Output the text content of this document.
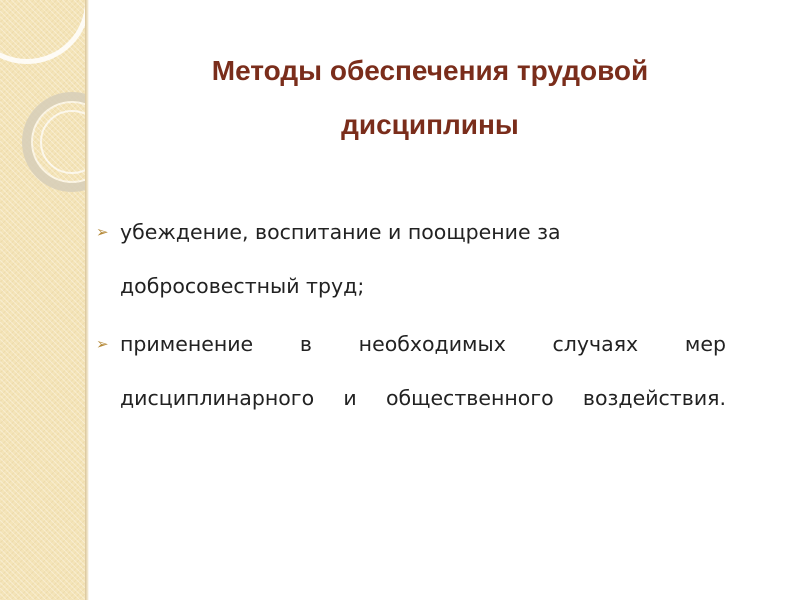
Методы обеспечения трудовой дисциплины
➢ убеждение, воспитание и поощрение за добросовестный труд;
➢ применение в необходимых случаях мер дисциплинарного и общественного воздействия.
